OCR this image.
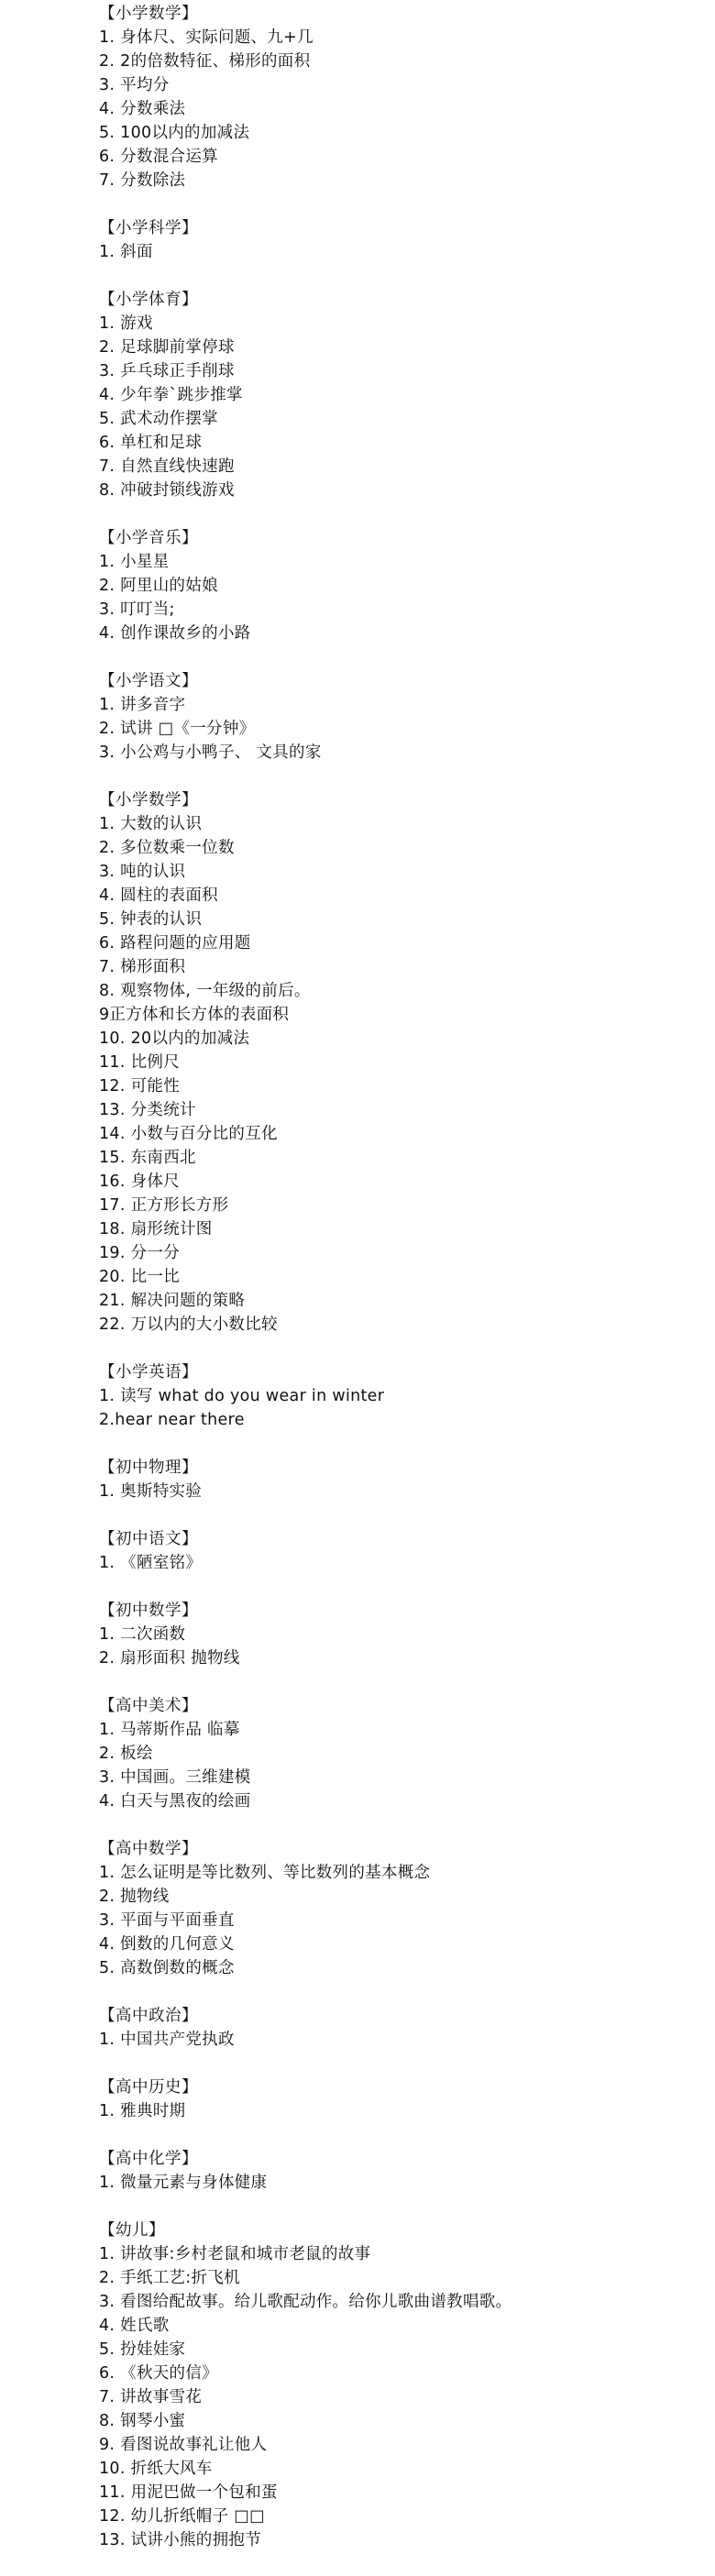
【小学数学】
1. 身体尺、实际问题、九+几
2. 2的倍数特征、梯形的面积
3. 平均分
4. 分数乘法
5. 100以内的加减法
6. 分数混合运算
7. 分数除法
【小学科学】
1. 斜面
【小学体育】
1. 游戏
2. 足球脚前掌停球
3. 乒乓球正手削球
4. 少年拳`跳步推掌
5. 武术动作摆掌
6. 单杠和足球
7. 自然直线快速跑
8. 冲破封锁线游戏
【小学音乐】
1. 小星星
2. 阿里山的姑娘
3. 叮叮当;
4. 创作课故乡的小路
【小学语文】
1. 讲多音字
2. 试讲 □《一分钟》
3. 小公鸡与小鸭子、 文具的家
【小学数学】
1. 大数的认识
2. 多位数乘一位数
3. 吨的认识
4. 圆柱的表面积
5. 钟表的认识
6. 路程问题的应用题
7. 梯形面积
8. 观察物体, 一年级的前后。
9正方体和长方体的表面积
10. 20以内的加减法
11. 比例尺
12. 可能性
13. 分类统计
14. 小数与百分比的互化
15. 东南西北
16. 身体尺
17. 正方形长方形
18. 扇形统计图
19. 分一分
20. 比一比
21. 解决问题的策略
22. 万以内的大小数比较
【小学英语】
1. 读写 what do you wear in winter
2.hear near there
【初中物理】
1. 奥斯特实验
【初中语文】
1. 《陋室铭》
【初中数学】
1. 二次函数
2. 扇形面积 抛物线
【高中美术】
1. 马蒂斯作品 临摹
2. 板绘
3. 中国画。三维建模
4. 白天与黑夜的绘画
【高中数学】
1. 怎么证明是等比数列、等比数列的基本概念
2. 抛物线
3. 平面与平面垂直
4. 倒数的几何意义
5. 高数倒数的概念
【高中政治】
1. 中国共产党执政
【高中历史】
1. 雅典时期
【高中化学】
1. 微量元素与身体健康
【幼儿】
1. 讲故事:乡村老鼠和城市老鼠的故事
2. 手纸工艺:折飞机
3. 看图给配故事。给儿歌配动作。给你儿歌曲谱教唱歌。
4. 姓氏歌
5. 扮娃娃家
6. 《秋天的信》
7. 讲故事雪花
8. 钢琴小蜜
9. 看图说故事礼让他人
10. 折纸大风车
11. 用泥巴做一个包和蛋
12. 幼儿折纸帽子 □□
13. 试讲小熊的拥抱节
